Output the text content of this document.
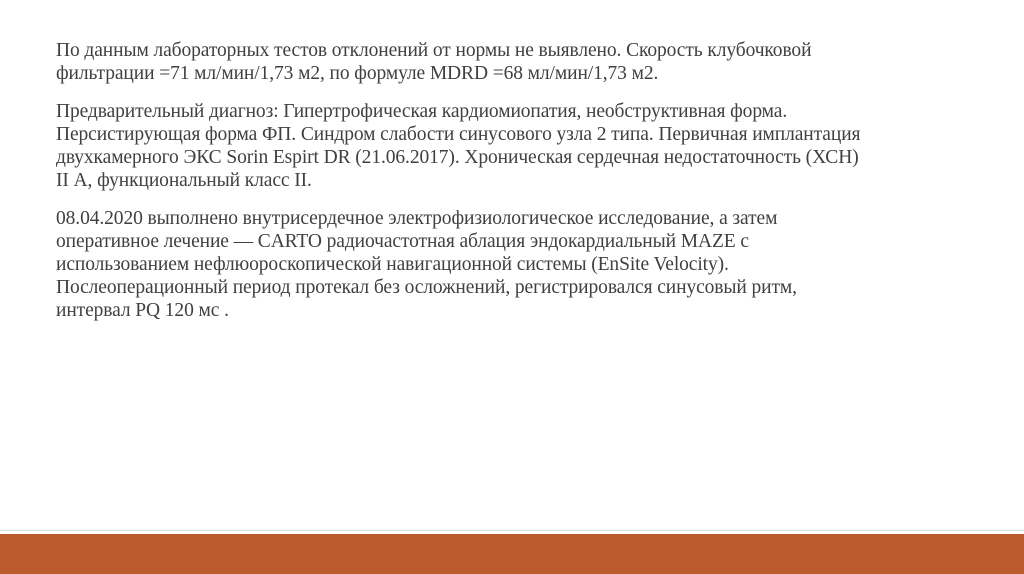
По данным лабораторных тестов отклонений от нормы не выявлено. Скорость клубочковой
фильтрации =71 мл/мин/1,73 м2, по формуле MDRD =68 мл/мин/1,73 м2.

Предварительный диагноз: Гипертрофическая кардиомиопатия, необструктивная форма.
Персистирующая форма ФП. Синдром слабости синусового узла 2 типа. Первичная имплантация
двухкамерного ЭКС Sorin Espirt DR (21.06.2017). Хроническая сердечная недостаточность (ХСН)
II А, функциональный класс II.

08.04.2020 выполнено внутрисердечное электрофизиологическое исследование, а затем
оперативное лечение — CARTO радиочастотная аблация эндокардиальный MAZE с
использованием нефлюороскопической навигационной системы (EnSite Velocity).
Послеоперационный период протекал без осложнений, регистрировался синусовый ритм,
интервал PQ 120 мс .
